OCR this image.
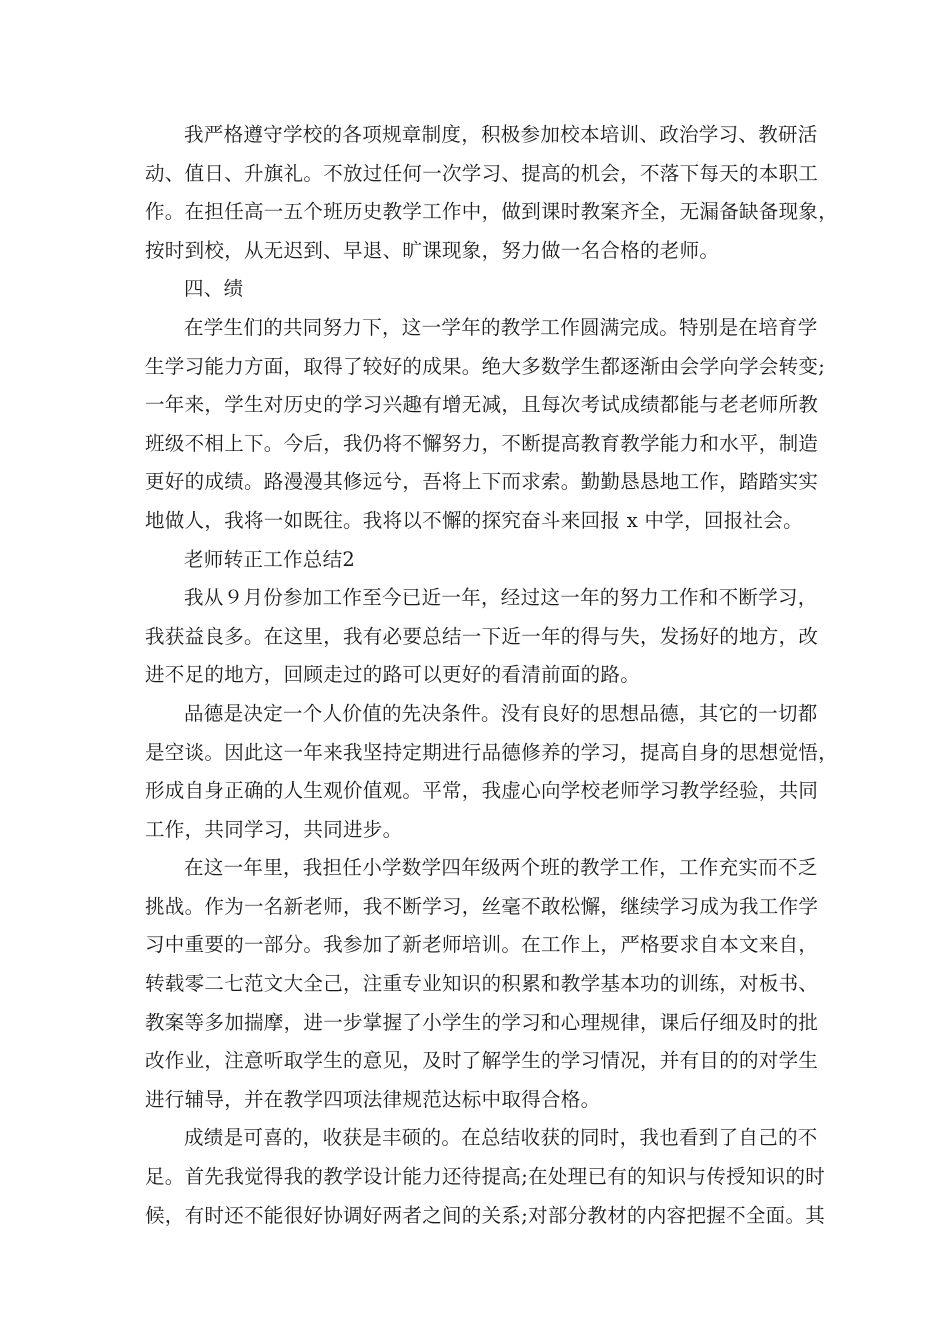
我严格遵守学校的各项规章制度，积极参加校本培训、政治学习、教研活
动、值日、升旗礼。不放过任何一次学习、提高的机会，不落下每天的本职工
作。在担任高一五个班历史教学工作中，做到课时教案齐全，无漏备缺备现象，
按时到校，从无迟到、早退、旷课现象，努力做一名合格的老师。
四、绩
在学生们的共同努力下，这一学年的教学工作圆满完成。特别是在培育学
生学习能力方面，取得了较好的成果。绝大多数学生都逐渐由会学向学会转变;
一年来，学生对历史的学习兴趣有增无减，且每次考试成绩都能与老老师所教
班级不相上下。今后，我仍将不懈努力，不断提高教育教学能力和水平，制造
更好的成绩。路漫漫其修远兮，吾将上下而求索。勤勤恳恳地工作，踏踏实实
地做人，我将一如既往。我将以不懈的探究奋斗来回报 x 中学，回报社会。
老师转正工作总结2
我从９月份参加工作至今已近一年，经过这一年的努力工作和不断学习，
我获益良多。在这里，我有必要总结一下近一年的得与失，发扬好的地方，改
进不足的地方，回顾走过的路可以更好的看清前面的路。
品德是决定一个人价值的先决条件。没有良好的思想品德，其它的一切都
是空谈。因此这一年来我坚持定期进行品德修养的学习，提高自身的思想觉悟，
形成自身正确的人生观价值观。平常，我虚心向学校老师学习教学经验，共同
工作，共同学习，共同进步。
在这一年里，我担任小学数学四年级两个班的教学工作，工作充实而不乏
挑战。作为一名新老师，我不断学习，丝毫不敢松懈，继续学习成为我工作学
习中重要的一部分。我参加了新老师培训。在工作上，严格要求自本文来自，
转载零二七范文大全己，注重专业知识的积累和教学基本功的训练，对板书、
教案等多加揣摩，进一步掌握了小学生的学习和心理规律，课后仔细及时的批
改作业，注意听取学生的意见，及时了解学生的学习情况，并有目的的对学生
进行辅导，并在教学四项法律规范达标中取得合格。
成绩是可喜的，收获是丰硕的。在总结收获的同时，我也看到了自己的不
足。首先我觉得我的教学设计能力还待提高;在处理已有的知识与传授知识的时
候，有时还不能很好协调好两者之间的关系;对部分教材的内容把握不全面。其
